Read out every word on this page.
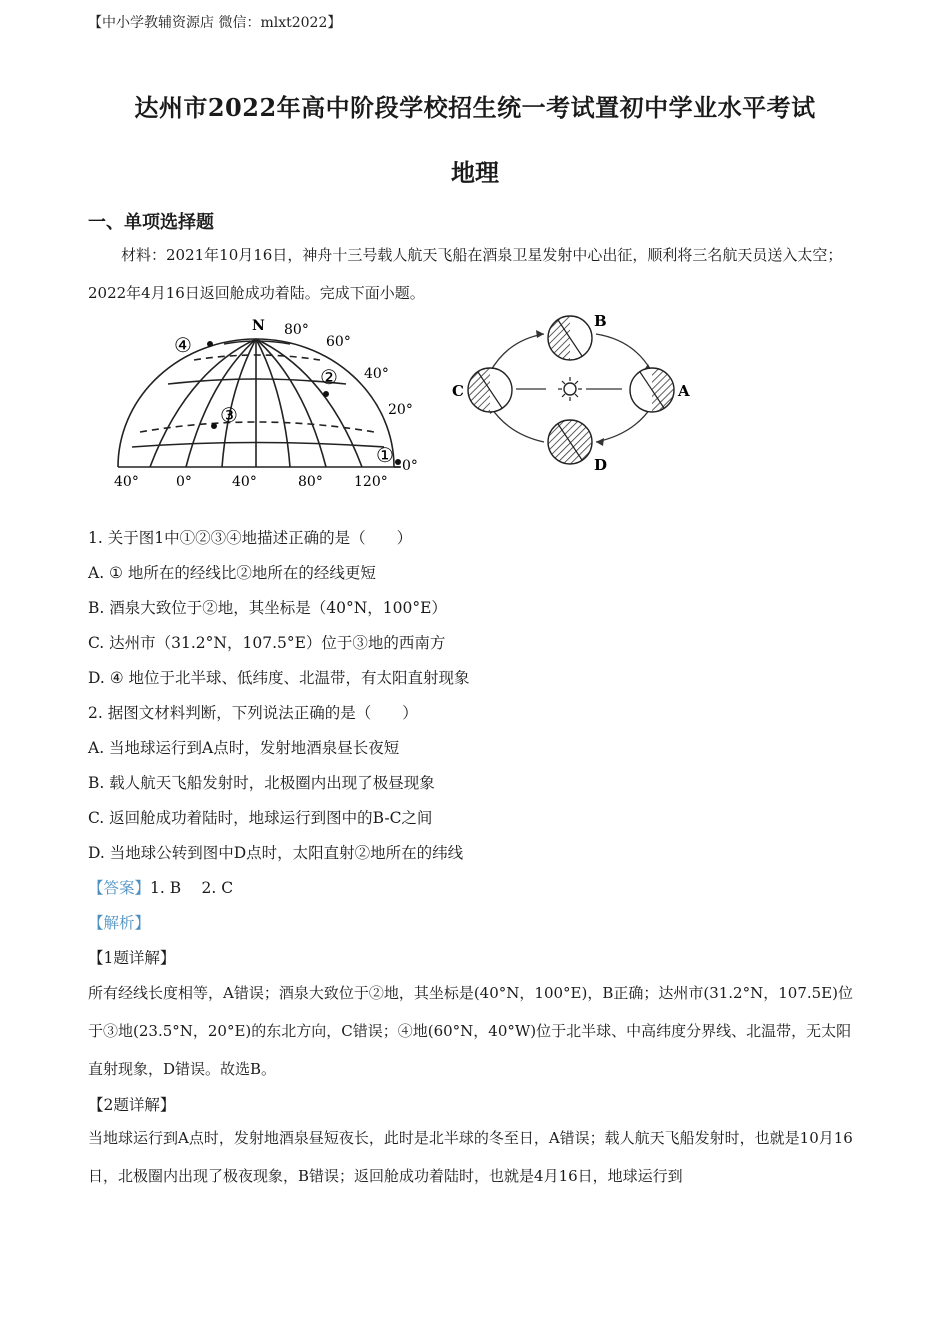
【中小学教辅资源店 微信：mlxt2022】
达州市2022年高中阶段学校招生统一考试置初中学业水平考试
地理
一、单项选择题
材料：2021年10月16日，神舟十三号载人航天飞船在酒泉卫星发射中心出征，顺利将三名航天员送入太空；2022年4月16日返回舱成功着陆。完成下面小题。
④
②
③
①
N 80°
60°
40°
20°
0°
40°	0°	40°	80° 120°
B
C	A
D
1. 关于图1中①②③④地描述正确的是（　　）
A. ① 地所在的经线比②地所在的经线更短
B. 酒泉大致位于②地，其坐标是（40°N，100°E）
C. 达州市（31.2°N，107.5°E）位于③地的西南方
D. ④ 地位于北半球、低纬度、北温带，有太阳直射现象
2. 据图文材料判断，下列说法正确的是（　　）
A. 当地球运行到A点时，发射地酒泉昼长夜短
B. 载人航天飞船发射时，北极圈内出现了极昼现象
C. 返回舱成功着陆时，地球运行到图中的B-C之间
D. 当地球公转到图中D点时，太阳直射②地所在的纬线
【答案】1. B　 2. C
【解析】
【1题详解】
所有经线长度相等，A错误；酒泉大致位于②地，其坐标是(40°N，100°E)，B正确；达州市(31.2°N，107.5E)位于③地(23.5°N，20°E)的东北方向，C错误；④地(60°N，40°W)位于北半球、中高纬度分界线、北温带，无太阳直射现象，D错误。故选B。
【2题详解】
当地球运行到A点时，发射地酒泉昼短夜长，此时是北半球的冬至日，A错误；载人航天飞船发射时，也就是10月16日，北极圈内出现了极夜现象，B错误；返回舱成功着陆时，也就是4月16日，地球运行到
